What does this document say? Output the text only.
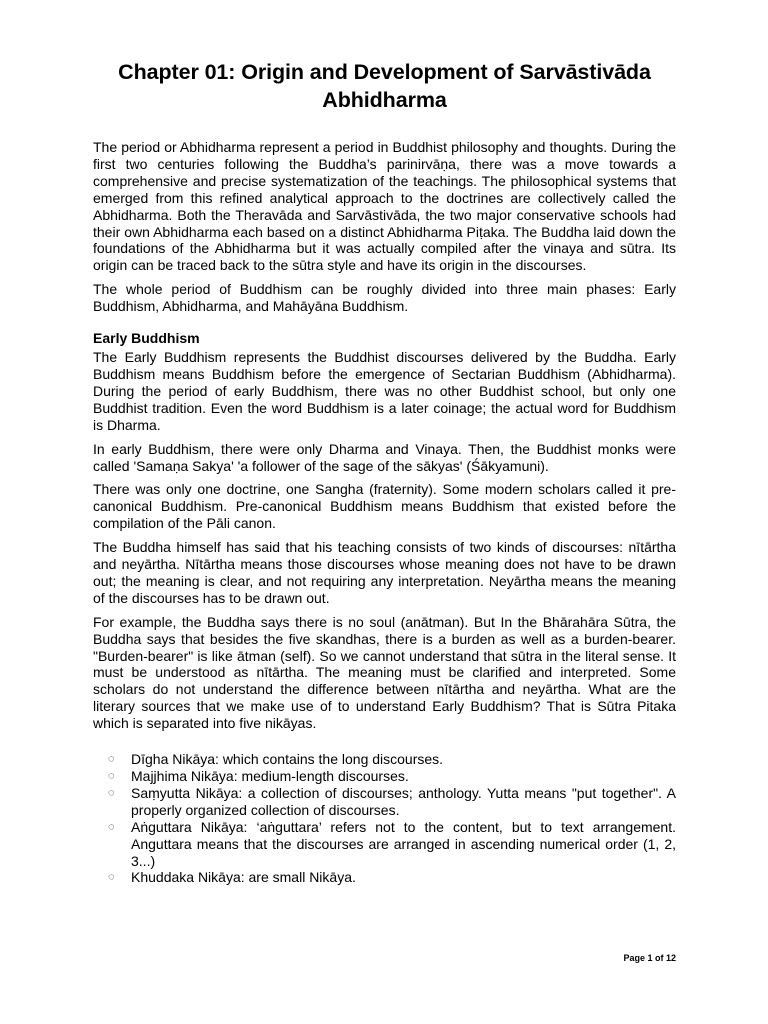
Chapter 01: Origin and Development of Sarvāstivāda Abhidharma

The period or Abhidharma represent a period in Buddhist philosophy and thoughts. During the first two centuries following the Buddha’s parinirvāṇa, there was a move towards a comprehensive and precise systematization of the teachings. The philosophical systems that emerged from this refined analytical approach to the doctrines are collectively called the Abhidharma. Both the Theravāda and Sarvāstivāda, the two major conservative schools had their own Abhidharma each based on a distinct Abhidharma Piṭaka. The Buddha laid down the foundations of the Abhidharma but it was actually compiled after the vinaya and sūtra. Its origin can be traced back to the sūtra style and have its origin in the discourses.

The whole period of Buddhism can be roughly divided into three main phases: Early Buddhism, Abhidharma, and Mahāyāna Buddhism.

Early Buddhism

The Early Buddhism represents the Buddhist discourses delivered by the Buddha. Early Buddhism means Buddhism before the emergence of Sectarian Buddhism (Abhidharma). During the period of early Buddhism, there was no other Buddhist school, but only one Buddhist tradition. Even the word Buddhism is a later coinage; the actual word for Buddhism is Dharma.

In early Buddhism, there were only Dharma and Vinaya. Then, the Buddhist monks were called 'Samaṇa Sakya' 'a follower of the sage of the sākyas' (Śākyamuni).

There was only one doctrine, one Sangha (fraternity). Some modern scholars called it pre-canonical Buddhism. Pre-canonical Buddhism means Buddhism that existed before the compilation of the Pāli canon.

The Buddha himself has said that his teaching consists of two kinds of discourses: nītārtha and neyārtha. Nītārtha means those discourses whose meaning does not have to be drawn out; the meaning is clear, and not requiring any interpretation. Neyārtha means the meaning of the discourses has to be drawn out.

For example, the Buddha says there is no soul (anātman). But In the Bhārahāra Sūtra, the Buddha says that besides the five skandhas, there is a burden as well as a burden-bearer. "Burden-bearer" is like ātman (self). So we cannot understand that sūtra in the literal sense. It must be understood as nītārtha. The meaning must be clarified and interpreted. Some scholars do not understand the difference between nītārtha and neyārtha. What are the literary sources that we make use of to understand Early Buddhism? That is Sūtra Pitaka which is separated into five nikāyas.

◌ Dīgha Nikāya: which contains the long discourses.
◌ Majjhima Nikāya: medium-length discourses.
◌ Saṃyutta Nikāya: a collection of discourses; anthology. Yutta means "put together". A properly organized collection of discourses.
◌ Aṅguttara Nikāya: ‘aṅguttara’ refers not to the content, but to text arrangement. Anguttara means that the discourses are arranged in ascending numerical order (1, 2, 3...)
◌ Khuddaka Nikāya: are small Nikāya.
Page 1 of 12
